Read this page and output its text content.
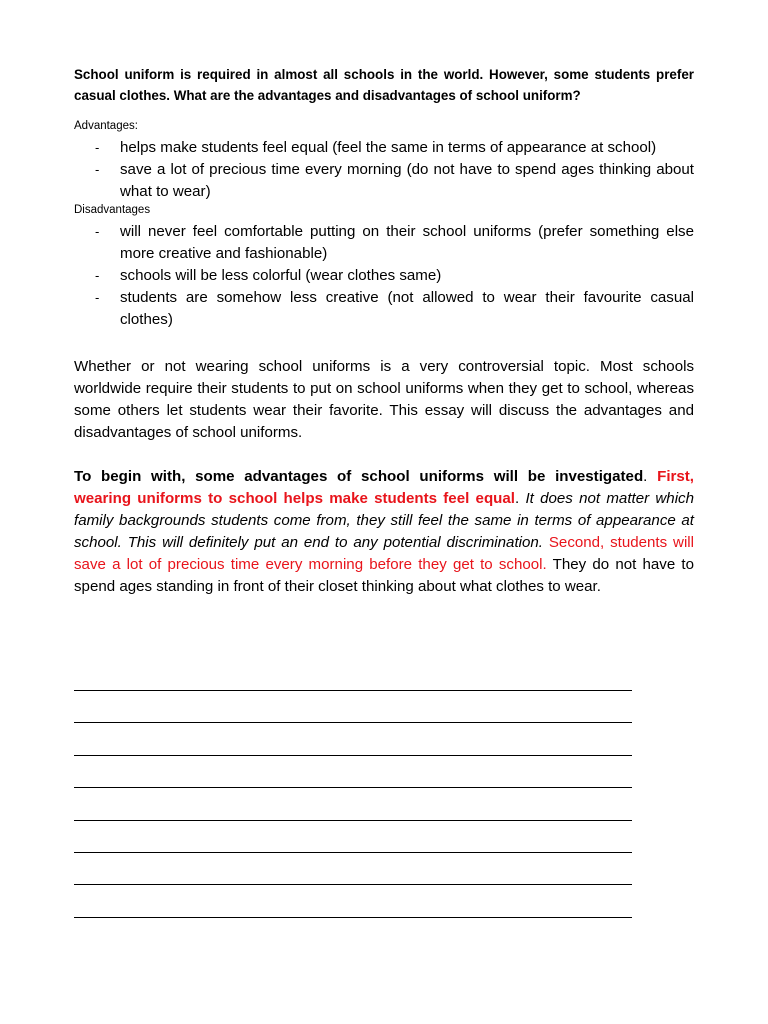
School uniform is required in almost all schools in the world. However, some students prefer casual clothes. What are the advantages and disadvantages of school uniform?

Advantages:

- helps make students feel equal (feel the same in terms of appearance at school)
- save a lot of precious time every morning (do not have to spend ages thinking about what to wear)

Disadvantages

- will never feel comfortable putting on their school uniforms (prefer something else more creative and fashionable)
- schools will be less colorful (wear clothes same)
- students are somehow less creative (not allowed to wear their favourite casual clothes)

Whether or not wearing school uniforms is a very controversial topic. Most schools worldwide require their students to put on school uniforms when they get to school, whereas some others let students wear their favorite. This essay will discuss the advantages and disadvantages of school uniforms.

To begin with, some advantages of school uniforms will be investigated. First, wearing uniforms to school helps make students feel equal. It does not matter which family backgrounds students come from, they still feel the same in terms of appearance at school. This will definitely put an end to any potential discrimination. Second, students will save a lot of precious time every morning before they get to school. They do not have to spend ages standing in front of their closet thinking about what clothes to wear.
